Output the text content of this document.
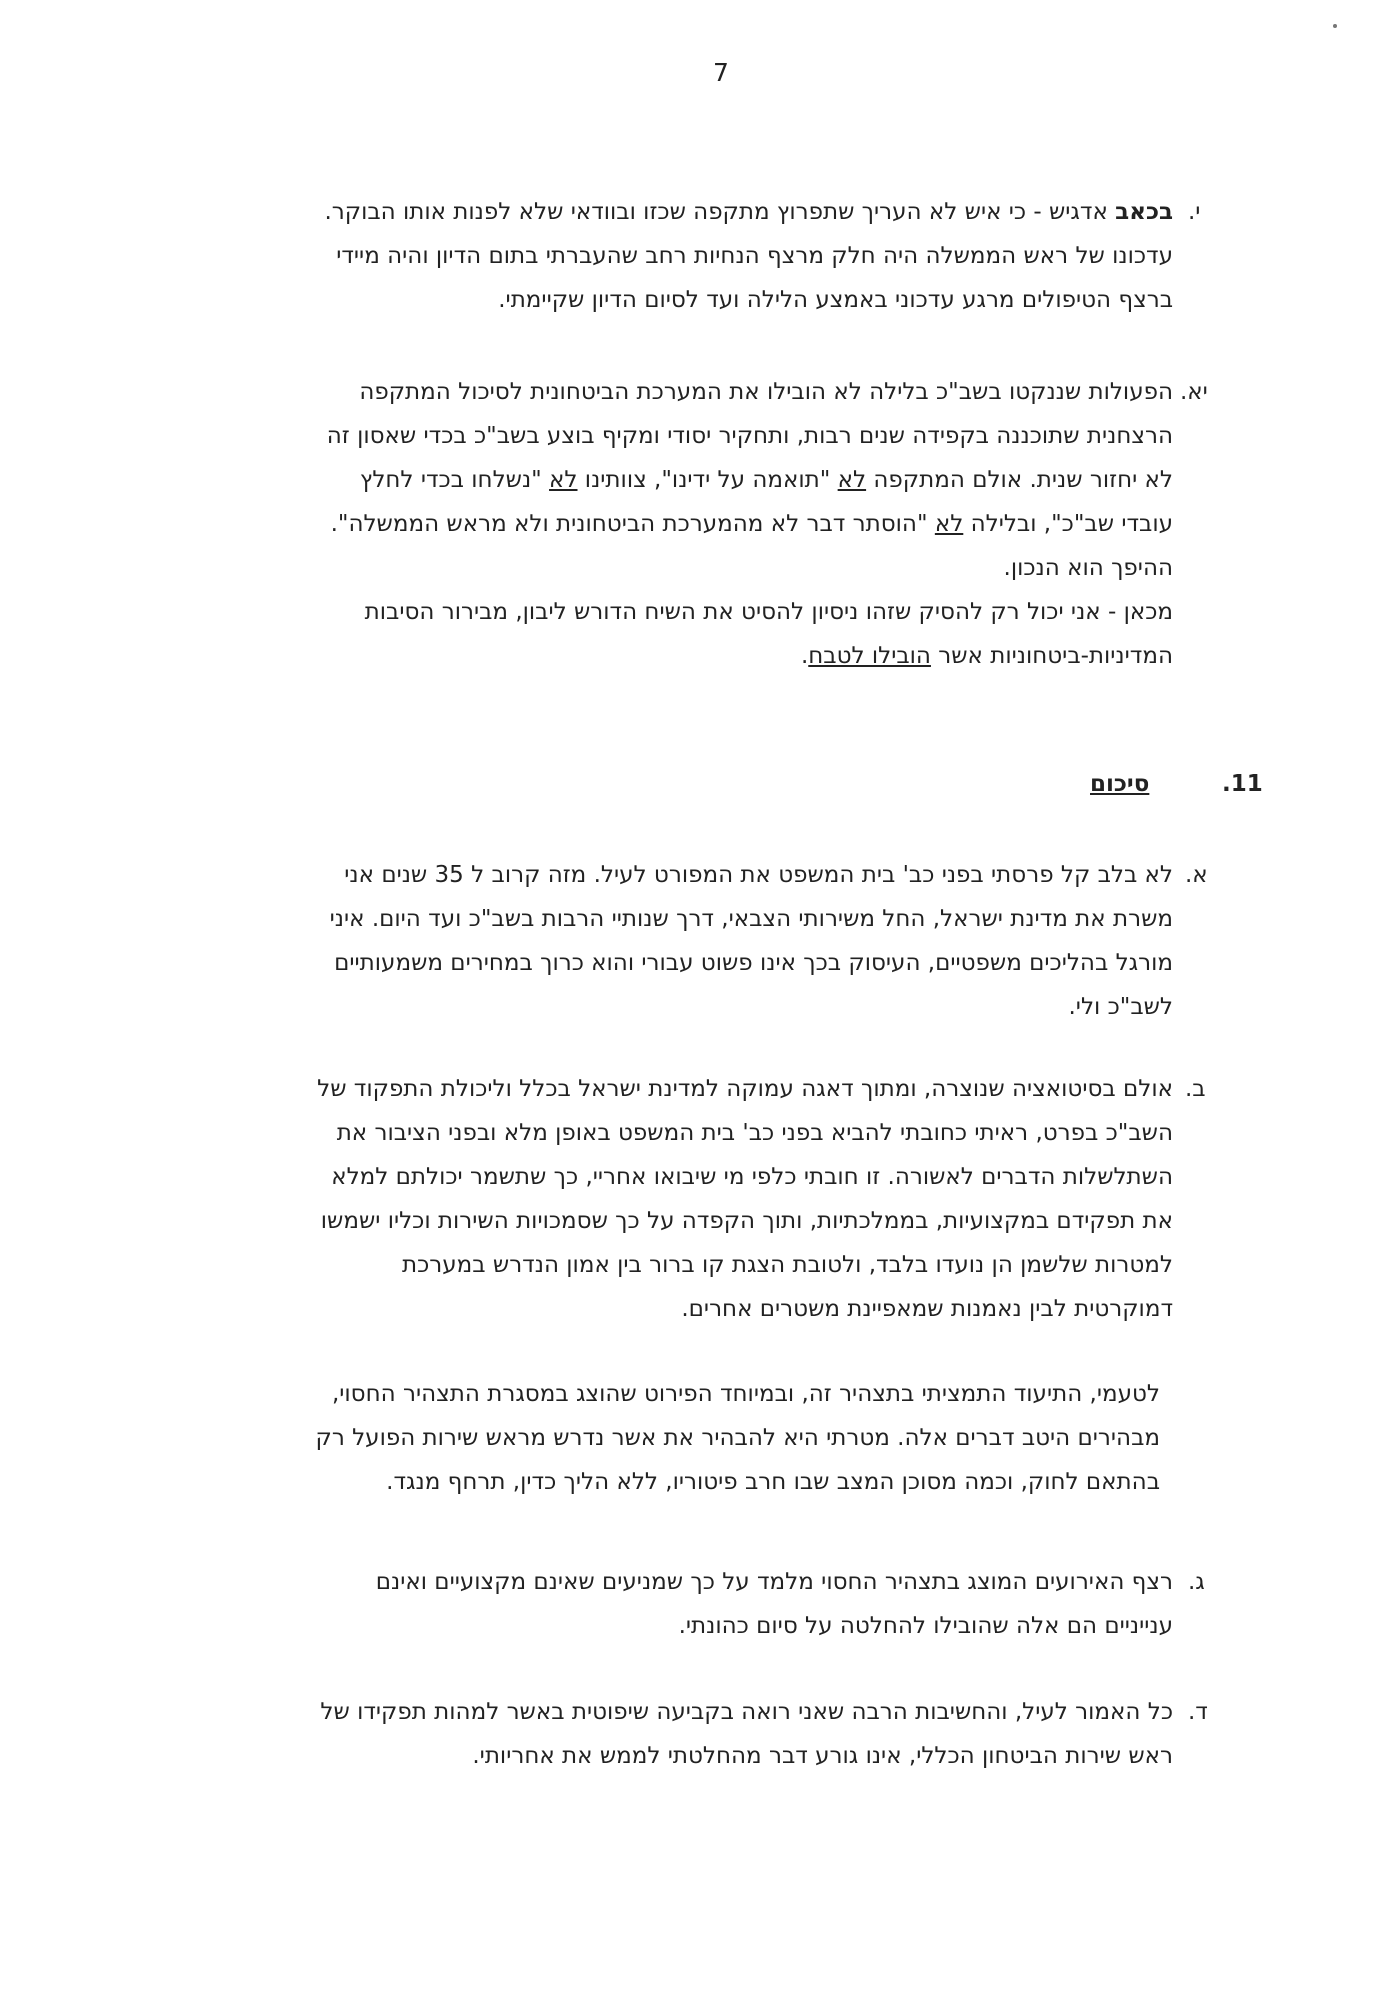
7
י.
בכאב אדגיש - כי איש לא העריך שתפרוץ מתקפה שכזו ובוודאי שלא לפנות אותו הבוקר.
עדכונו של ראש הממשלה היה חלק מרצף הנחיות רחב שהעברתי בתום הדיון והיה מיידי
ברצף הטיפולים מרגע עדכוני באמצע הלילה ועד לסיום הדיון שקיימתי.
יא.
הפעולות שננקטו בשב"כ בלילה לא הובילו את המערכת הביטחונית לסיכול המתקפה
הרצחנית שתוכננה בקפידה שנים רבות, ותחקיר יסודי ומקיף בוצע בשב"כ בכדי שאסון זה
לא יחזור שנית. אולם המתקפה לא "תואמה על ידינו", צוותינו לא "נשלחו בכדי לחלץ
עובדי שב"כ", ובלילה לא "הוסתר דבר לא מהמערכת הביטחונית ולא מראש הממשלה".
ההיפך הוא הנכון.
מכאן - אני יכול רק להסיק שזהו ניסיון להסיט את השיח הדורש ליבון, מבירור הסיבות
המדיניות-ביטחוניות אשר הובילו לטבח.
11.
סיכום
א.
לא בלב קל פרסתי בפני כב' בית המשפט את המפורט לעיל. מזה קרוב ל 35 שנים אני
משרת את מדינת ישראל, החל משירותי הצבאי, דרך שנותיי הרבות בשב"כ ועד היום. איני
מורגל בהליכים משפטיים, העיסוק בכך אינו פשוט עבורי והוא כרוך במחירים משמעותיים
לשב"כ ולי.
ב.
אולם בסיטואציה שנוצרה, ומתוך דאגה עמוקה למדינת ישראל בכלל וליכולת התפקוד של
השב"כ בפרט, ראיתי כחובתי להביא בפני כב' בית המשפט באופן מלא ובפני הציבור את
השתלשלות הדברים לאשורה. זו חובתי כלפי מי שיבואו אחריי, כך שתשמר יכולתם למלא
את תפקידם במקצועיות, בממלכתיות, ותוך הקפדה על כך שסמכויות השירות וכליו ישמשו
למטרות שלשמן הן נועדו בלבד, ולטובת הצגת קו ברור בין אמון הנדרש במערכת
דמוקרטית לבין נאמנות שמאפיינת משטרים אחרים.
לטעמי, התיעוד התמציתי בתצהיר זה, ובמיוחד הפירוט שהוצג במסגרת התצהיר החסוי,
מבהירים היטב דברים אלה. מטרתי היא להבהיר את אשר נדרש מראש שירות הפועל רק
בהתאם לחוק, וכמה מסוכן המצב שבו חרב פיטוריו, ללא הליך כדין, תרחף מנגד.
ג.
רצף האירועים המוצג בתצהיר החסוי מלמד על כך שמניעים שאינם מקצועיים ואינם
ענייניים הם אלה שהובילו להחלטה על סיום כהונתי.
ד.
כל האמור לעיל, והחשיבות הרבה שאני רואה בקביעה שיפוטית באשר למהות תפקידו של
ראש שירות הביטחון הכללי, אינו גורע דבר מהחלטתי לממש את אחריותי.
